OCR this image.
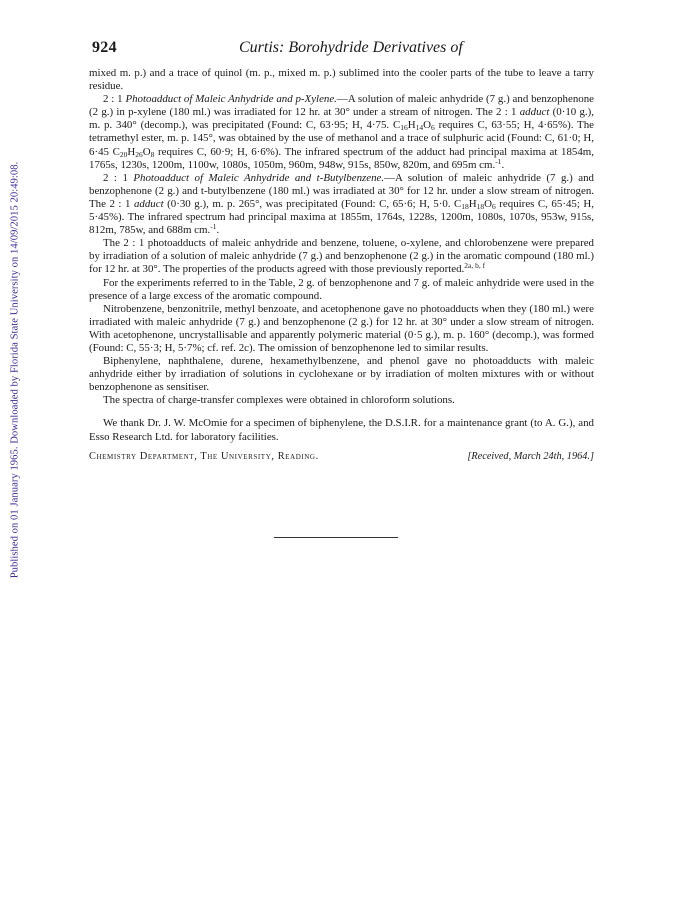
Published on 01 January 1965. Downloaded by Florida State University on 14/09/2015 20:49:08.
924	Curtis: Borohydride Derivatives of

mixed m. p.) and a trace of quinol (m. p., mixed m. p.) sublimed into the cooler parts of the tube to leave a tarry residue.

2 : 1 Photoadduct of Maleic Anhydride and p-Xylene.—A solution of maleic anhydride (7 g.) and benzophenone (2 g.) in p-xylene (180 ml.) was irradiated for 12 hr. at 30° under a stream of nitrogen. The 2 : 1 adduct (0·10 g.), m. p. 340° (decomp.), was precipitated (Found: C, 63·95; H, 4·75. $C_{16}H_{14}O_6$ requires C, 63·55; H, 4·65%). The tetramethyl ester, m. p. 145°, was obtained by the use of methanol and a trace of sulphuric acid (Found: C, 61·0; H, 6·45 $C_{20}H_{26}O_8$ requires C, 60·9; H, 6·6%). The infrared spectrum of the adduct had principal maxima at 1854m, 1765s, 1230s, 1200m, 1100w, 1080s, 1050m, 960m, 948w, 915s, 850w, 820m, and 695m cm.$^{-1}$.

2 : 1 Photoadduct of Maleic Anhydride and t-Butylbenzene.—A solution of maleic anhydride (7 g.) and benzophenone (2 g.) and t-butylbenzene (180 ml.) was irradiated at 30° for 12 hr. under a slow stream of nitrogen. The 2 : 1 adduct (0·30 g.), m. p. 265°, was precipitated (Found: C, 65·6; H, 5·0. $C_{18}H_{18}O_6$ requires C, 65·45; H, 5·45%). The infrared spectrum had principal maxima at 1855m, 1764s, 1228s, 1200m, 1080s, 1070s, 953w, 915s, 812m, 785w, and 688m cm.$^{-1}$.

The 2 : 1 photoadducts of maleic anhydride and benzene, toluene, o-xylene, and chlorobenzene were prepared by irradiation of a solution of maleic anhydride (7 g.) and benzophenone (2 g.) in the aromatic compound (180 ml.) for 12 hr. at 30°. The properties of the products agreed with those previously reported.$^{2a, b, f}$

For the experiments referred to in the Table, 2 g. of benzophenone and 7 g. of maleic anhydride were used in the presence of a large excess of the aromatic compound.

Nitrobenzene, benzonitrile, methyl benzoate, and acetophenone gave no photoadducts when they (180 ml.) were irradiated with maleic anhydride (7 g.) and benzophenone (2 g.) for 12 hr. at 30° under a slow stream of nitrogen. With acetophenone, uncrystallisable and apparently polymeric material (0·5 g.), m. p. 160° (decomp.), was formed (Found: C, 55·3; H, 5·7%; cf. ref. 2c). The omission of benzophenone led to similar results.

Biphenylene, naphthalene, durene, hexamethylbenzene, and phenol gave no photoadducts with maleic anhydride either by irradiation of solutions in cyclohexane or by irradiation of molten mixtures with or without benzophenone as sensitiser.

The spectra of charge-transfer complexes were obtained in chloroform solutions.

We thank Dr. J. W. McOmie for a specimen of biphenylene, the D.S.I.R. for a maintenance grant (to A. G.), and Esso Research Ltd. for laboratory facilities.

Chemistry Department, The University, Reading.	[Received, March 24th, 1964.]
